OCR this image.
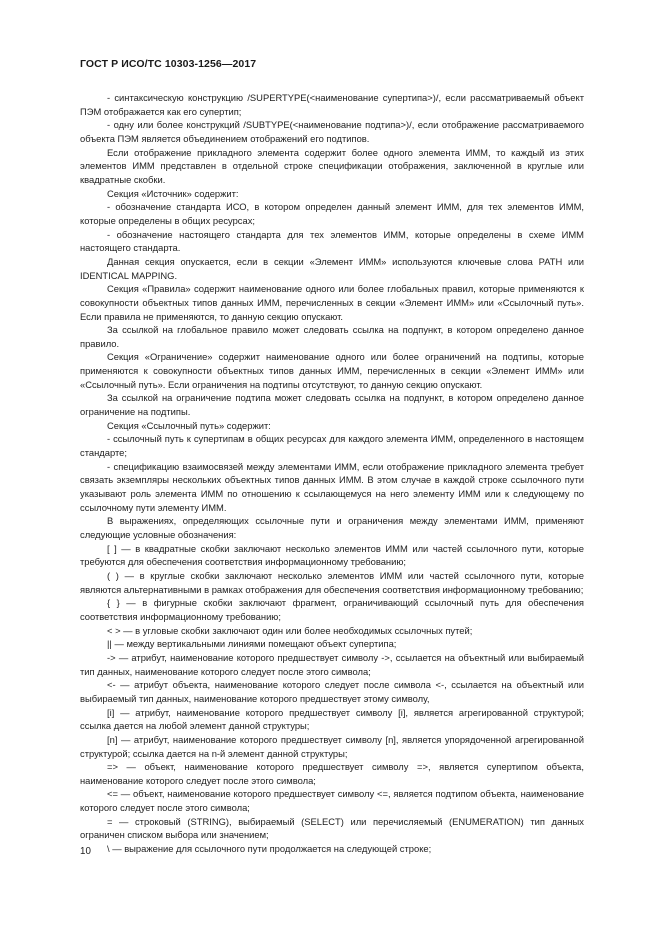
ГОСТ Р ИСО/ТС 10303-1256—2017

- синтаксическую конструкцию /SUPERTYPE(<наименование супертипа>)/, если рассматриваемый объект ПЭМ отображается как его супертип;

- одну или более конструкций /SUBTYPE(<наименование подтипа>)/, если отображение рассматриваемого объекта ПЭМ является объединением отображений его подтипов.

Если отображение прикладного элемента содержит более одного элемента ИММ, то каждый из этих элементов ИММ представлен в отдельной строке спецификации отображения, заключенной в круглые или квадратные скобки.

Секция «Источник» содержит:

- обозначение стандарта ИСО, в котором определен данный элемент ИММ, для тех элементов ИММ, которые определены в общих ресурсах;

- обозначение настоящего стандарта для тех элементов ИММ, которые определены в схеме ИММ настоящего стандарта.

Данная секция опускается, если в секции «Элемент ИММ» используются ключевые слова PATH или IDENTICAL MAPPING.

Секция «Правила» содержит наименование одного или более глобальных правил, которые применяются к совокупности объектных типов данных ИММ, перечисленных в секции «Элемент ИММ» или «Ссылочный путь». Если правила не применяются, то данную секцию опускают.

За ссылкой на глобальное правило может следовать ссылка на подпункт, в котором определено данное правило.

Секция «Ограничение» содержит наименование одного или более ограничений на подтипы, которые применяются к совокупности объектных типов данных ИММ, перечисленных в секции «Элемент ИММ» или «Ссылочный путь». Если ограничения на подтипы отсутствуют, то данную секцию опускают.

За ссылкой на ограничение подтипа может следовать ссылка на подпункт, в котором определено данное ограничение на подтипы.

Секция «Ссылочный путь» содержит:

- ссылочный путь к супертипам в общих ресурсах для каждого элемента ИММ, определенного в настоящем стандарте;

- спецификацию взаимосвязей между элементами ИММ, если отображение прикладного элемента требует связать экземпляры нескольких объектных типов данных ИММ. В этом случае в каждой строке ссылочного пути указывают роль элемента ИММ по отношению к ссылающемуся на него элементу ИММ или к следующему по ссылочному пути элементу ИММ.

В выражениях, определяющих ссылочные пути и ограничения между элементами ИММ, применяют следующие условные обозначения:

[ ] — в квадратные скобки заключают несколько элементов ИММ или частей ссылочного пути, которые требуются для обеспечения соответствия информационному требованию;

( ) — в круглые скобки заключают несколько элементов ИММ или частей ссылочного пути, которые являются альтернативными в рамках отображения для обеспечения соответствия информационному требованию;

{ } — в фигурные скобки заключают фрагмент, ограничивающий ссылочный путь для обеспечения соответствия информационному требованию;

< > — в угловые скобки заключают один или более необходимых ссылочных путей;

|| — между вертикальными линиями помещают объект супертипа;

-> — атрибут, наименование которого предшествует символу ->, ссылается на объектный или выбираемый тип данных, наименование которого следует после этого символа;

<- — атрибут объекта, наименование которого следует после символа <-, ссылается на объектный или выбираемый тип данных, наименование которого предшествует этому символу,

[i] — атрибут, наименование которого предшествует символу [i], является агрегированной структурой; ссылка дается на любой элемент данной структуры;

[n] — атрибут, наименование которого предшествует символу [n], является упорядоченной агрегированной структурой; ссылка дается на n-й элемент данной структуры;

=> — объект, наименование которого предшествует символу =>, является супертипом объекта, наименование которого следует после этого символа;

<= — объект, наименование которого предшествует символу <=, является подтипом объекта, наименование которого следует после этого символа;

= — строковый (STRING), выбираемый (SELECT) или перечисляемый (ENUMERATION) тип данных ограничен списком выбора или значением;

\ — выражение для ссылочного пути продолжается на следующей строке;

10
